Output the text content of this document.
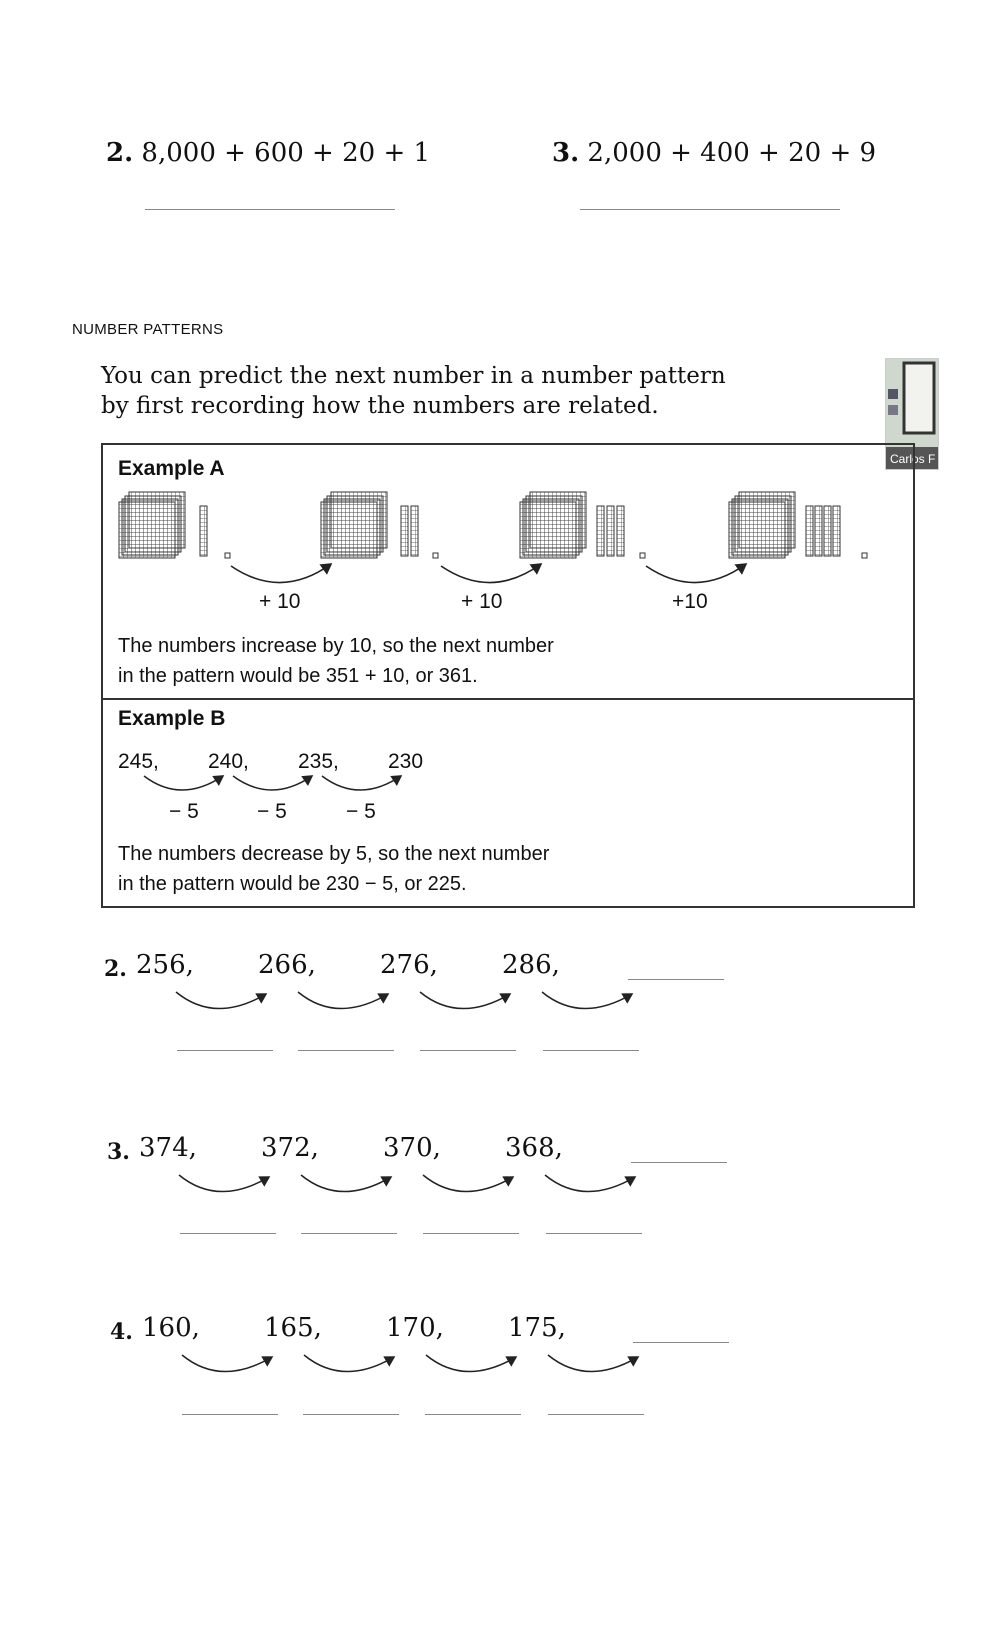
2. 8,000 + 600 + 20 + 1	3. 2,000 + 400 + 20 + 9
NUMBER PATTERNS
You can predict the next number in a number pattern
by first recording how the numbers are related.
Carlos F
Example A
+ 10	+ 10	+10
The numbers increase by 10, so the next number
in the pattern would be 351 + 10, or 361.
Example B
245, 240, 235, 230
− 5	− 5	− 5
The numbers decrease by 5, so the next number
in the pattern would be 230 − 5, or 225.
2. 256, 266, 276, 286,
3. 374, 372, 370, 368,
4. 160, 165, 170, 175,
